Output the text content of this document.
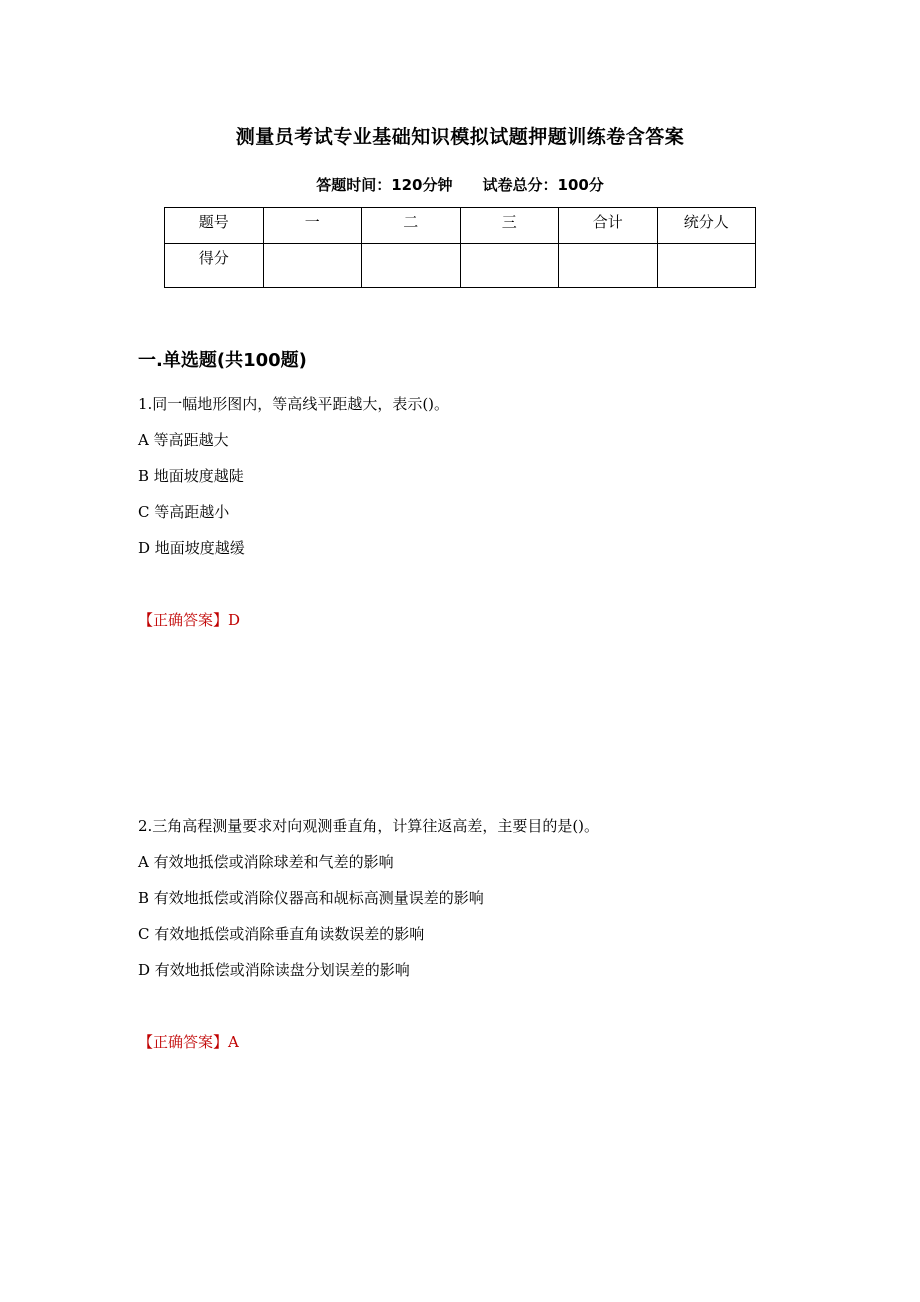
测量员考试专业基础知识模拟试题押题训练卷含答案
答题时间：120分钟 试卷总分：100分
题号	一	二	三	合计	统分人
得分					
一.单选题(共100题)
1.同一幅地形图内，等高线平距越大，表示()。
A 等高距越大
B 地面坡度越陡
C 等高距越小
D 地面坡度越缓
【正确答案】D
2.三角高程测量要求对向观测垂直角，计算往返高差，主要目的是()。
A 有效地抵偿或消除球差和气差的影响
B 有效地抵偿或消除仪器高和觇标高测量误差的影响
C 有效地抵偿或消除垂直角读数误差的影响
D 有效地抵偿或消除读盘分划误差的影响
【正确答案】A
